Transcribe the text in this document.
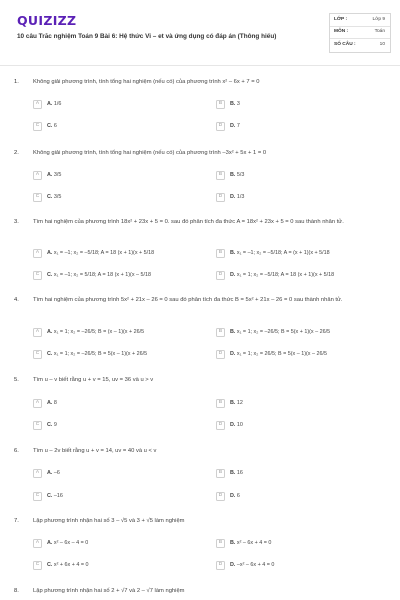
QUIZIZZ
10 câu Trắc nghiệm Toán 9 Bài 6: Hệ thức Vi – et và ứng dụng có đáp án (Thông hiểu)
LỚP :	Lớp 9
MÔN :	Toán
SỐ CÂU :	10
1. Không giải phương trình, tính tổng hai nghiệm (nếu có) của phương trình x² – 6x + 7 = 0
A	A. 1/6	B	B. 3
C	C. 6	D	D. 7
2. Không giải phương trình, tính tổng hai nghiệm (nếu có) của phương trình –3x² + 5x + 1 = 0
A	A. 3/5	B	B. 5/3
C	C. 3/5	D	D. 1/3
3. Tìm hai nghiệm của phương trình 18x² + 23x + 5 = 0. sau đó phân tích đa thức A = 18x² + 23x + 5 = 0 sau thành nhân tử.
A	A. x₁ = –1; x₂ = –5/18; A = 18 (x + 1)(x + 5/18	B	B. x₁ = –1; x₂ = –5/18; A = (x + 1)(x + 5/18
C	C. x₁ = –1; x₂ = 5/18; A = 18 (x + 1)(x – 5/18	D	D. x₁ = 1; x₂ = –5/18; A = 18 (x + 1)(x + 5/18
4. Tìm hai nghiệm của phương trình 5x² + 21x – 26 = 0 sau đó phân tích đa thức B = 5x² + 21x – 26 = 0 sau thành nhân tử.
A	A. x₁ = 1; x₂ = –26/5; B = (x – 1)(x + 26/5	B	B. x₁ = 1; x₂ = –26/5; B = 5(x + 1)(x – 26/5
C	C. x₁ = 1; x₂ = –26/5; B = 5(x – 1)(x + 26/5	D	D. x₁ = 1; x₂ = 26/5; B = 5(x – 1)(x – 26/5
5. Tìm u – v biết rằng u + v = 15, uv = 36 và u > v
A	A. 8	B	B. 12
C	C. 9	D	D. 10
6. Tìm u – 2v biết rằng u + v = 14, uv = 40 và u < v
A	A. –6	B	B. 16
C	C. –16	D	D. 6
7. Lập phương trình nhận hai số 3 – √5 và 3 + √5 làm nghiệm
A	A. x² – 6x – 4 = 0	B	B. x² – 6x + 4 = 0
C	C. x² + 6x + 4 = 0	D	D. –x² – 6x + 4 = 0
8. Lập phương trình nhận hai số 2 + √7 và 2 – √7 làm nghiệm
